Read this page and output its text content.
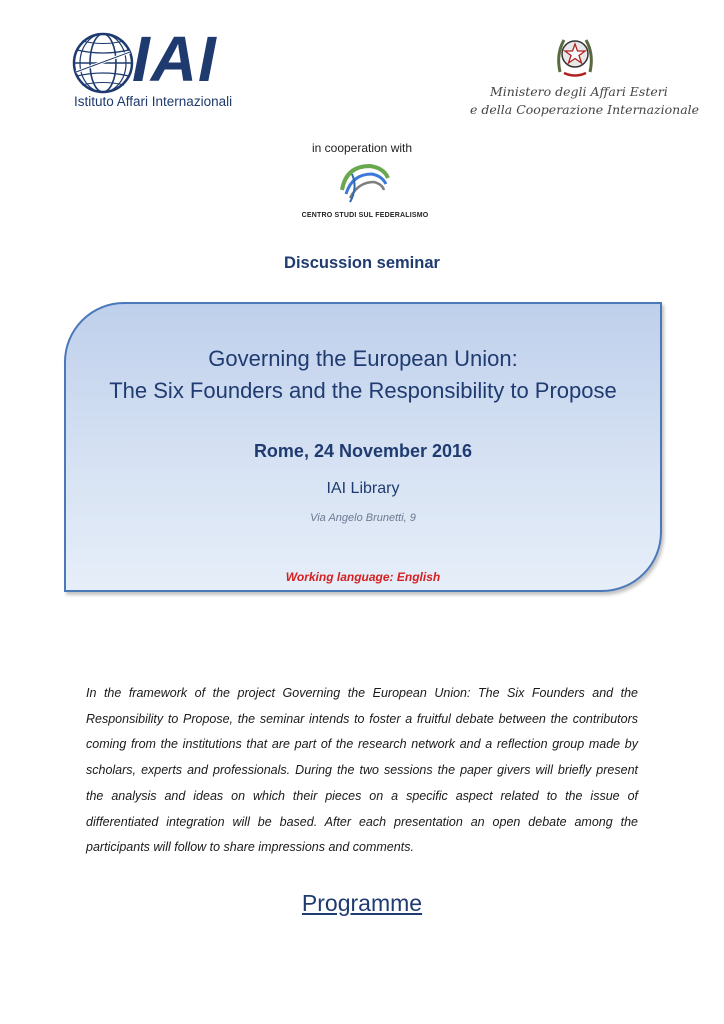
IAI
Istituto Affari Internazionali
Ministero degli Affari Esteri
e della Cooperazione Internazionale
in cooperation with
CENTRO STUDI SUL FEDERALISMO
Discussion seminar
Governing the European Union:
The Six Founders and the Responsibility to Propose
Rome, 24 November 2016
IAI Library
Via Angelo Brunetti, 9
Working language: English
In the framework of the project Governing the European Union: The Six Founders and the Responsibility to Propose, the seminar intends to foster a fruitful debate between the contributors coming from the institutions that are part of the research network and a reflection group made by scholars, experts and professionals. During the two sessions the paper givers will briefly present the analysis and ideas on which their pieces on a specific aspect related to the issue of differentiated integration will be based. After each presentation an open debate among the participants will follow to share impressions and comments.
Programme
